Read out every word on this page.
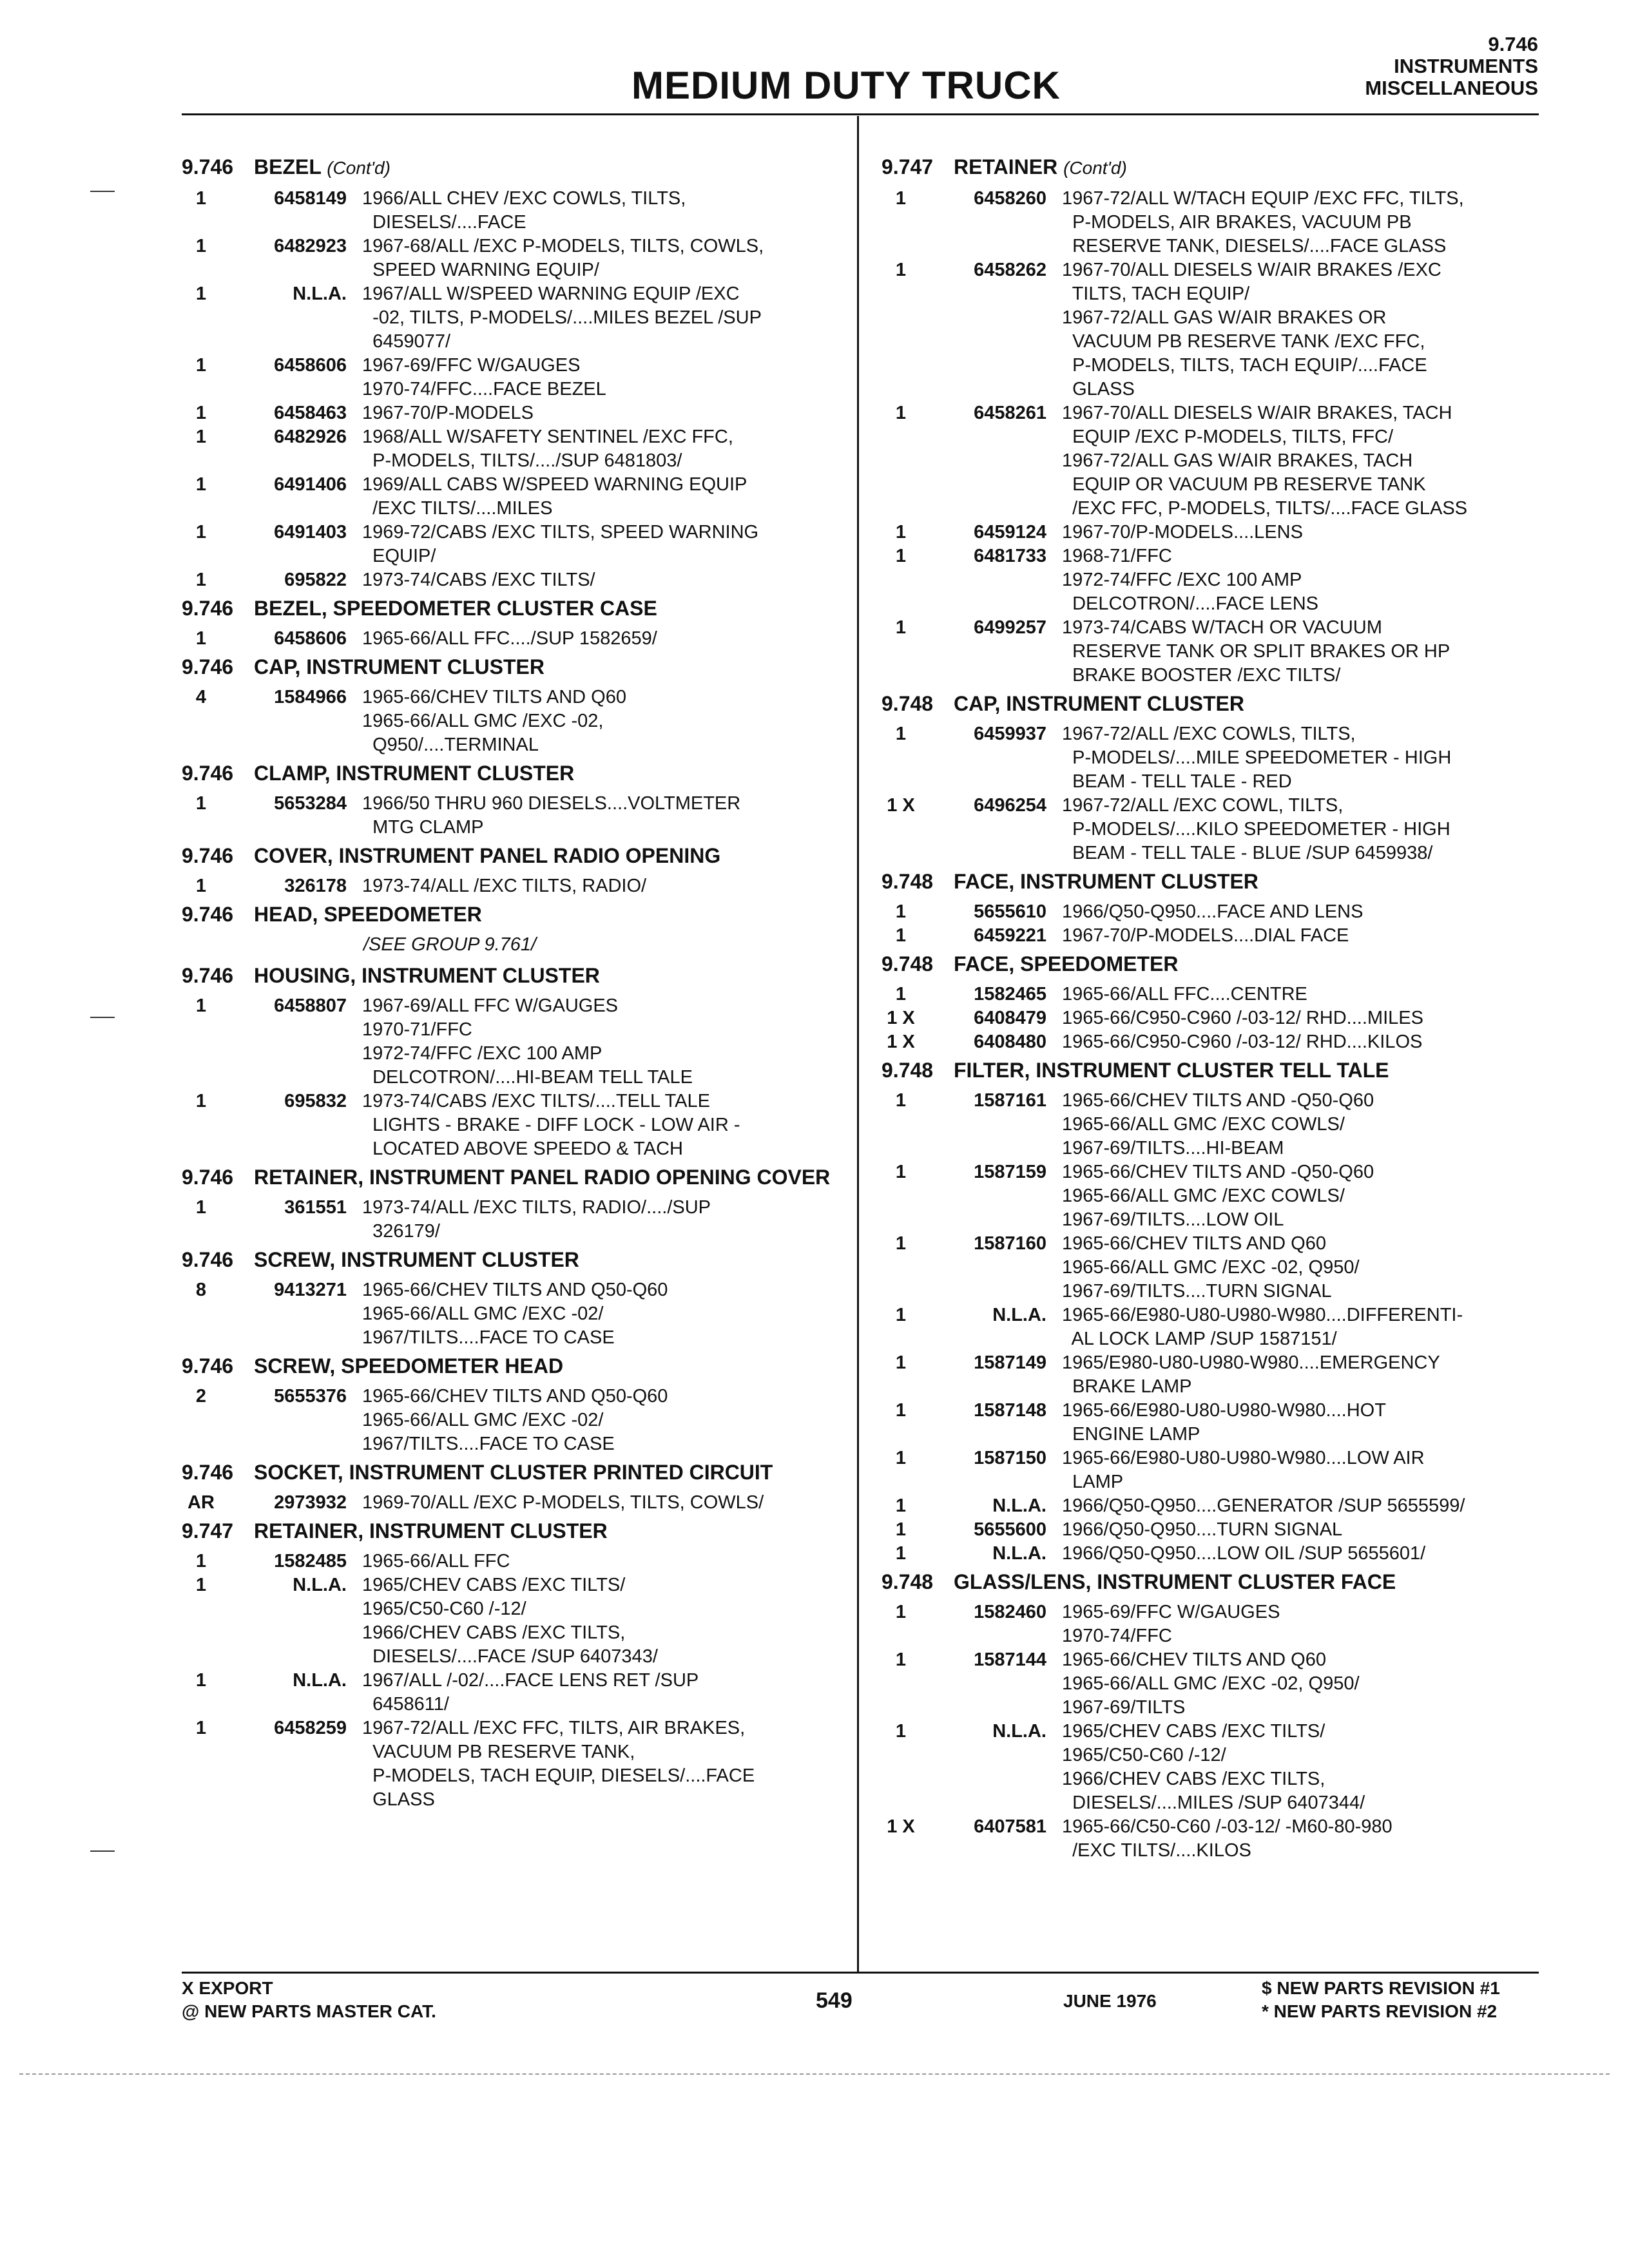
9.746
INSTRUMENTS
MISCELLANEOUS
MEDIUM DUTY TRUCK
9.746 BEZEL (Cont'd)
1	6458149 1966/ALL CHEV /EXC COWLS, TILTS,
DIESELS/....FACE
1	6482923 1967-68/ALL /EXC P-MODELS, TILTS, COWLS,
SPEED WARNING EQUIP/
1	N.L.A. 1967/ALL W/SPEED WARNING EQUIP /EXC
-02, TILTS, P-MODELS/....MILES BEZEL /SUP
6459077/
1	6458606 1967-69/FFC W/GAUGES
1970-74/FFC....FACE BEZEL
1	6458463 1967-70/P-MODELS
1	6482926 1968/ALL W/SAFETY SENTINEL /EXC FFC,
P-MODELS, TILTS/..../SUP 6481803/
1	6491406 1969/ALL CABS W/SPEED WARNING EQUIP
/EXC TILTS/....MILES
1	6491403 1969-72/CABS /EXC TILTS, SPEED WARNING
EQUIP/
1	695822 1973-74/CABS /EXC TILTS/
9.746 BEZEL, SPEEDOMETER CLUSTER CASE
1	6458606 1965-66/ALL FFC..../SUP 1582659/
9.746 CAP, INSTRUMENT CLUSTER
4	1584966 1965-66/CHEV TILTS AND Q60
1965-66/ALL GMC /EXC -02,
Q950/....TERMINAL
9.746 CLAMP, INSTRUMENT CLUSTER
1	5653284 1966/50 THRU 960 DIESELS....VOLTMETER
MTG CLAMP
9.746 COVER, INSTRUMENT PANEL RADIO OPENING
1	326178 1973-74/ALL /EXC TILTS, RADIO/
9.746 HEAD, SPEEDOMETER
/SEE GROUP 9.761/
9.746 HOUSING, INSTRUMENT CLUSTER
1	6458807 1967-69/ALL FFC W/GAUGES
1970-71/FFC
1972-74/FFC /EXC 100 AMP
DELCOTRON/....HI-BEAM TELL TALE
1	695832 1973-74/CABS /EXC TILTS/....TELL TALE
LIGHTS - BRAKE - DIFF LOCK - LOW AIR -
LOCATED ABOVE SPEEDO & TACH
9.746 RETAINER, INSTRUMENT PANEL RADIO OPENING COVER
1	361551 1973-74/ALL /EXC TILTS, RADIO/..../SUP
326179/
9.746 SCREW, INSTRUMENT CLUSTER
8	9413271 1965-66/CHEV TILTS AND Q50-Q60
1965-66/ALL GMC /EXC -02/
1967/TILTS....FACE TO CASE
9.746 SCREW, SPEEDOMETER HEAD
2	5655376 1965-66/CHEV TILTS AND Q50-Q60
1965-66/ALL GMC /EXC -02/
1967/TILTS....FACE TO CASE
9.746 SOCKET, INSTRUMENT CLUSTER PRINTED CIRCUIT
AR	2973932 1969-70/ALL /EXC P-MODELS, TILTS, COWLS/
9.747 RETAINER, INSTRUMENT CLUSTER
1	1582485 1965-66/ALL FFC
1	N.L.A. 1965/CHEV CABS /EXC TILTS/
1965/C50-C60 /-12/
1966/CHEV CABS /EXC TILTS,
DIESELS/....FACE /SUP 6407343/
1	N.L.A. 1967/ALL /-02/....FACE LENS RET /SUP
6458611/
1	6458259 1967-72/ALL /EXC FFC, TILTS, AIR BRAKES,
VACUUM PB RESERVE TANK,
P-MODELS, TACH EQUIP, DIESELS/....FACE
GLASS
9.747 RETAINER (Cont'd)
1	6458260 1967-72/ALL W/TACH EQUIP /EXC FFC, TILTS,
P-MODELS, AIR BRAKES, VACUUM PB
RESERVE TANK, DIESELS/....FACE GLASS
1	6458262 1967-70/ALL DIESELS W/AIR BRAKES /EXC
TILTS, TACH EQUIP/
1967-72/ALL GAS W/AIR BRAKES OR
VACUUM PB RESERVE TANK /EXC FFC,
P-MODELS, TILTS, TACH EQUIP/....FACE
GLASS
1	6458261 1967-70/ALL DIESELS W/AIR BRAKES, TACH
EQUIP /EXC P-MODELS, TILTS, FFC/
1967-72/ALL GAS W/AIR BRAKES, TACH
EQUIP OR VACUUM PB RESERVE TANK
/EXC FFC, P-MODELS, TILTS/....FACE GLASS
1	6459124 1967-70/P-MODELS....LENS
1	6481733 1968-71/FFC
1972-74/FFC /EXC 100 AMP
DELCOTRON/....FACE LENS
1	6499257 1973-74/CABS W/TACH OR VACUUM
RESERVE TANK OR SPLIT BRAKES OR HP
BRAKE BOOSTER /EXC TILTS/
9.748 CAP, INSTRUMENT CLUSTER
1	6459937 1967-72/ALL /EXC COWLS, TILTS,
P-MODELS/....MILE SPEEDOMETER - HIGH
BEAM - TELL TALE - RED
1 X	6496254 1967-72/ALL /EXC COWL, TILTS,
P-MODELS/....KILO SPEEDOMETER - HIGH
BEAM - TELL TALE - BLUE /SUP 6459938/
9.748 FACE, INSTRUMENT CLUSTER
1	5655610 1966/Q50-Q950....FACE AND LENS
1	6459221 1967-70/P-MODELS....DIAL FACE
9.748 FACE, SPEEDOMETER
1	1582465 1965-66/ALL FFC....CENTRE
1 X	6408479 1965-66/C950-C960 /-03-12/ RHD....MILES
1 X	6408480 1965-66/C950-C960 /-03-12/ RHD....KILOS
9.748 FILTER, INSTRUMENT CLUSTER TELL TALE
1	1587161 1965-66/CHEV TILTS AND -Q50-Q60
1965-66/ALL GMC /EXC COWLS/
1967-69/TILTS....HI-BEAM
1	1587159 1965-66/CHEV TILTS AND -Q50-Q60
1965-66/ALL GMC /EXC COWLS/
1967-69/TILTS....LOW OIL
1	1587160 1965-66/CHEV TILTS AND Q60
1965-66/ALL GMC /EXC -02, Q950/
1967-69/TILTS....TURN SIGNAL
1	N.L.A. 1965-66/E980-U80-U980-W980....DIFFERENTI-
AL LOCK LAMP /SUP 1587151/
1	1587149 1965/E980-U80-U980-W980....EMERGENCY
BRAKE LAMP
1	1587148 1965-66/E980-U80-U980-W980....HOT
ENGINE LAMP
1	1587150 1965-66/E980-U80-U980-W980....LOW AIR
LAMP
1	N.L.A. 1966/Q50-Q950....GENERATOR /SUP 5655599/
1	5655600 1966/Q50-Q950....TURN SIGNAL
1	N.L.A. 1966/Q50-Q950....LOW OIL /SUP 5655601/
9.748 GLASS/LENS, INSTRUMENT CLUSTER FACE
1	1582460 1965-69/FFC W/GAUGES
1970-74/FFC
1	1587144 1965-66/CHEV TILTS AND Q60
1965-66/ALL GMC /EXC -02, Q950/
1967-69/TILTS
1	N.L.A. 1965/CHEV CABS /EXC TILTS/
1965/C50-C60 /-12/
1966/CHEV CABS /EXC TILTS,
DIESELS/....MILES /SUP 6407344/
1 X	6407581 1965-66/C50-C60 /-03-12/ -M60-80-980
/EXC TILTS/....KILOS
X EXPORT
@ NEW PARTS MASTER CAT.	549	JUNE 1976
$ NEW PARTS REVISION #1
* NEW PARTS REVISION #2
